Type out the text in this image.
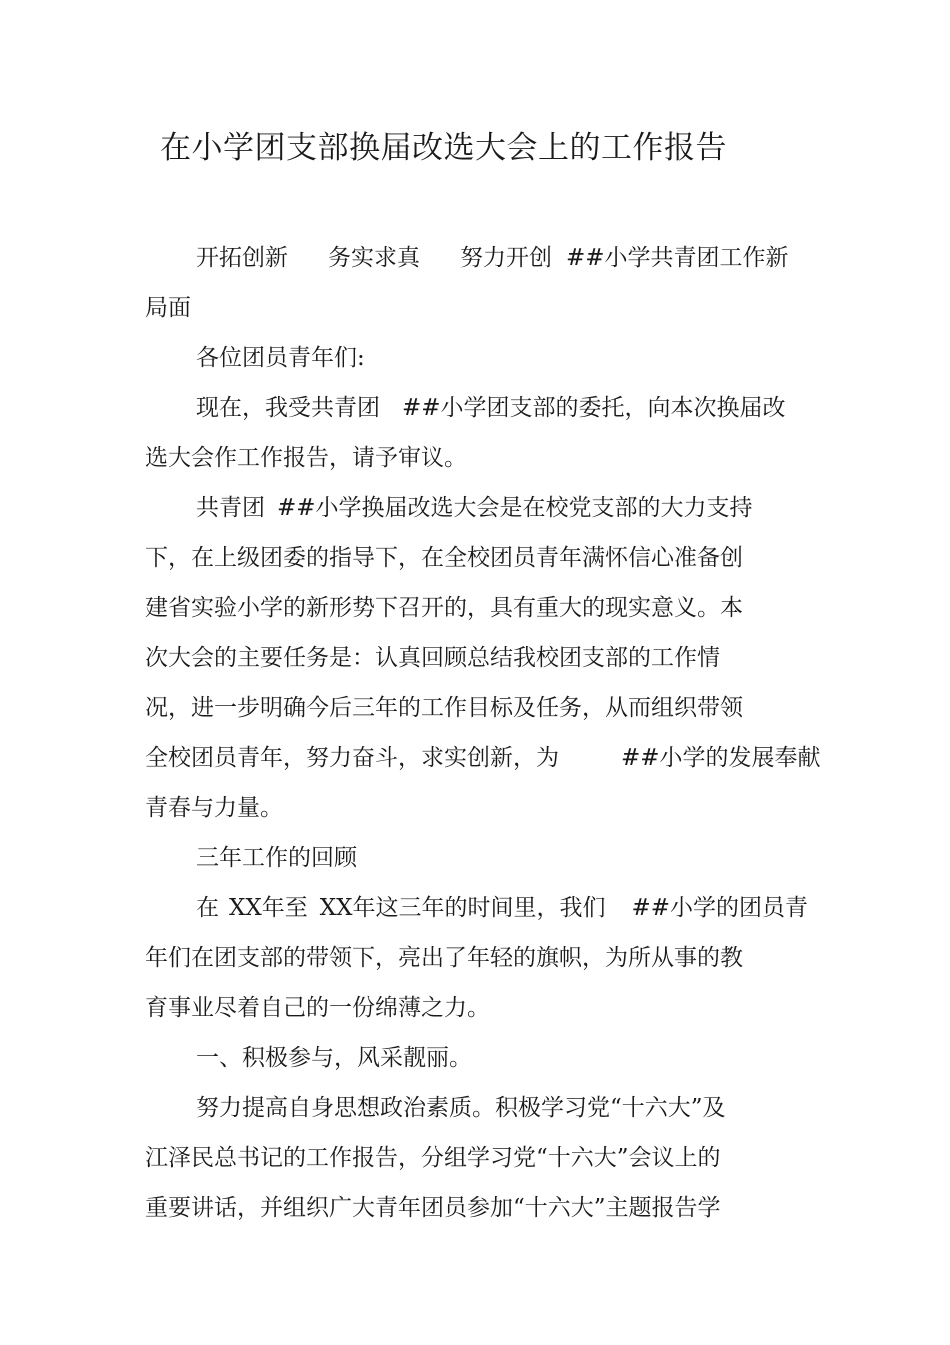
在小学团支部换届改选大会上的工作报告
开拓创新 务实求真 努力开创 ##小学共青团工作新
局面
各位团员青年们:
现在，我受共青团 ##小学团支部的委托，向本次换届改
选大会作工作报告，请予审议。
共青团 ##小学换届改选大会是在校党支部的大力支持
下，在上级团委的指导下，在全校团员青年满怀信心准备创
建省实验小学的新形势下召开的，具有重大的现实意义。本
次大会的主要任务是：认真回顾总结我校团支部的工作情
况，进一步明确今后三年的工作目标及任务，从而组织带领
全校团员青年，努力奋斗，求实创新，为	##小学的发展奉献
青春与力量。
三年工作的回顾
在 XX年至 XX年这三年的时间里，我们 ##小学的团员青
年们在团支部的带领下，亮出了年轻的旗帜，为所从事的教
育事业尽着自己的一份绵薄之力。
一、积极参与，风采靓丽。
努力提高自身思想政治素质。积极学习党“十六大”及
江泽民总书记的工作报告，分组学习党“十六大”会议上的
重要讲话，并组织广大青年团员参加“十六大”主题报告学
